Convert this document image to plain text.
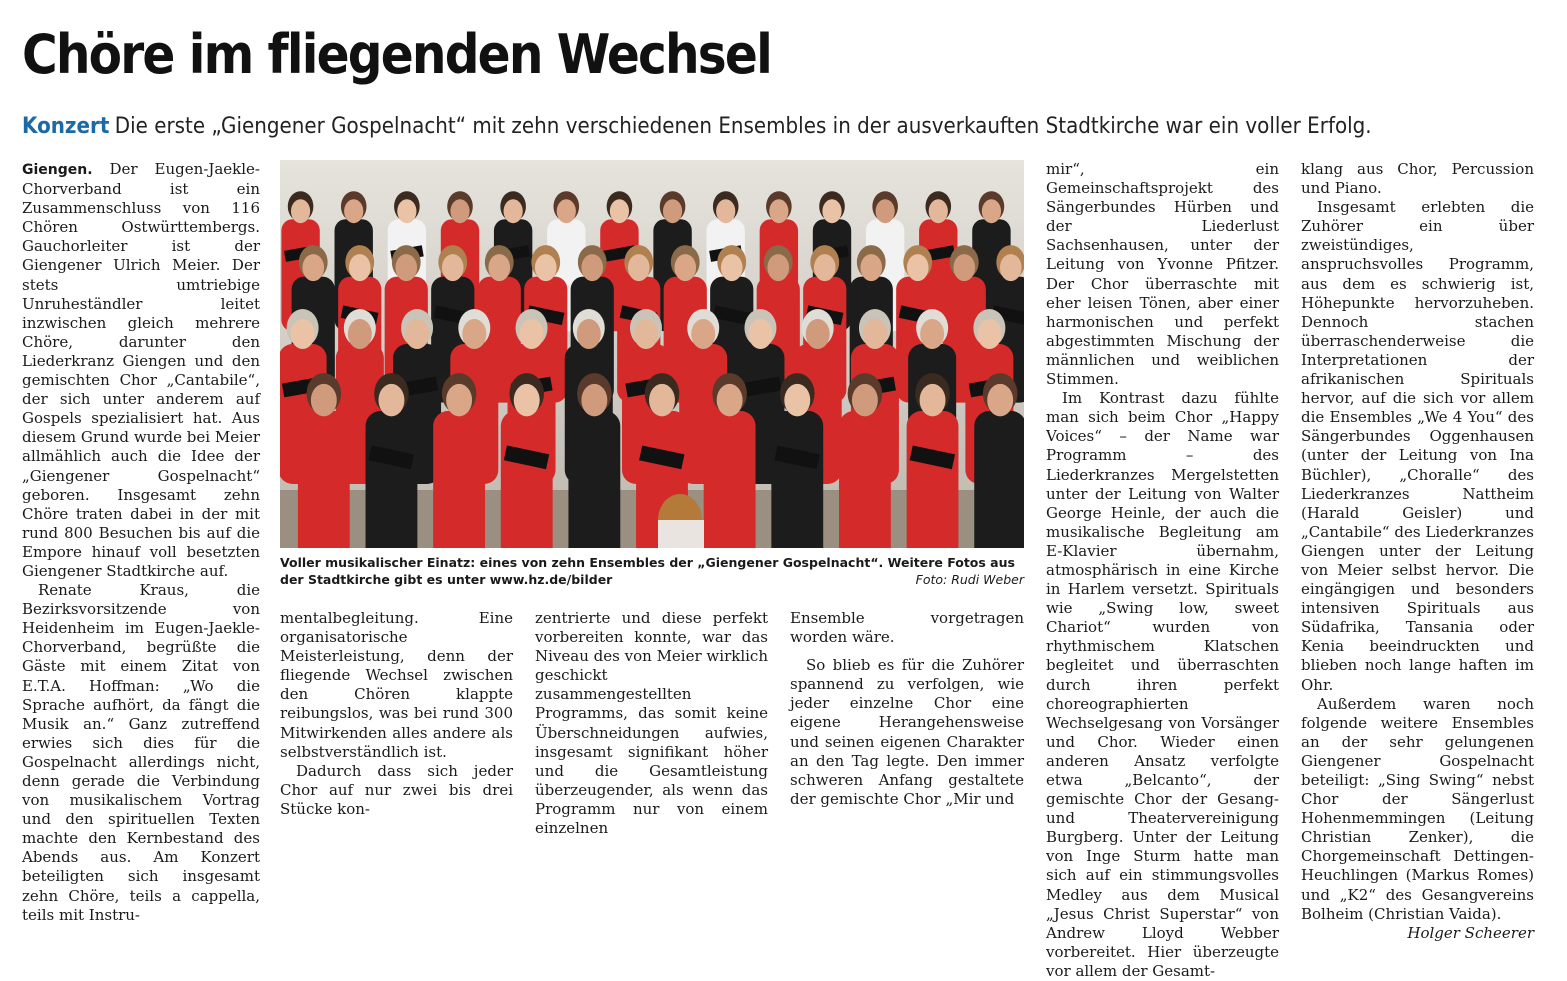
Chöre im fliegenden Wechsel
Konzert Die erste „Giengener Gospelnacht“ mit zehn verschiedenen Ensembles in der ausverkauften Stadtkirche war ein voller Erfolg.

Giengen. Der Eugen-Jaekle-Chorverband ist ein Zusammenschluss von 116 Chören Ostwürttembergs. Gauchorleiter ist der Giengener Ulrich Meier. Der stets umtriebige Unruheständler leitet inzwischen gleich mehrere Chöre, darunter den Liederkranz Giengen und den gemischten Chor „Cantabile“, der sich unter anderem auf Gospels spezialisiert hat. Aus diesem Grund wurde bei Meier allmählich auch die Idee der „Giengener Gospelnacht“ geboren. Insgesamt zehn Chöre traten dabei in der mit rund 800 Besuchen bis auf die Empore hinauf voll besetzten Giengener Stadtkirche auf.

Renate Kraus, die Bezirksvorsitzende von Heidenheim im Eugen-Jaekle-Chorverband, begrüßte die Gäste mit einem Zitat von E.T.A. Hoffman: „Wo die Sprache aufhört, da fängt die Musik an.“ Ganz zutreffend erwies sich dies für die Gospelnacht allerdings nicht, denn gerade die Verbindung von musikalischem Vortrag und den spirituellen Texten machte den Kernbestand des Abends aus. Am Konzert beteiligten sich insgesamt zehn Chöre, teils a cappella, teils mit Instru-

Voller musikalischer Einatz: eines von zehn Ensembles der „Giengener Gospelnacht“. Weitere Fotos aus der Stadtkirche gibt es unter www.hz.de/bilder	Foto: Rudi Weber

mentalbegleitung. Eine organisatorische Meisterleistung, denn der fliegende Wechsel zwischen den Chören klappte reibungslos, was bei rund 300 Mitwirkenden alles andere als selbstverständlich ist.

Dadurch dass sich jeder Chor auf nur zwei bis drei Stücke kon-

zentrierte und diese perfekt vorbereiten konnte, war das Niveau des von Meier wirklich geschickt zusammengestellten Programms, das somit keine Überschneidungen aufwies, insgesamt signifikant höher und die Gesamtleistung überzeugender, als wenn das Programm nur von einem einzelnen

Ensemble vorgetragen worden wäre.

So blieb es für die Zuhörer spannend zu verfolgen, wie jeder einzelne Chor eine eigene Herangehensweise und seinen eigenen Charakter an den Tag legte. Den immer schweren Anfang gestaltete der gemischte Chor „Mir und

mir“, ein Gemeinschaftsprojekt des Sängerbundes Hürben und der Liederlust Sachsenhausen, unter der Leitung von Yvonne Pfitzer. Der Chor überraschte mit eher leisen Tönen, aber einer harmonischen und perfekt abgestimmten Mischung der männlichen und weiblichen Stimmen.

Im Kontrast dazu fühlte man sich beim Chor „Happy Voices“ – der Name war Programm – des Liederkranzes Mergelstetten unter der Leitung von Walter George Heinle, der auch die musikalische Begleitung am E-Klavier übernahm, atmosphärisch in eine Kirche in Harlem versetzt. Spirituals wie „Swing low, sweet Chariot“ wurden von rhythmischem Klatschen begleitet und überraschten durch ihren perfekt choreographierten Wechselgesang von Vorsänger und Chor. Wieder einen anderen Ansatz verfolgte etwa „Belcanto“, der gemischte Chor der Gesang- und Theatervereinigung Burgberg. Unter der Leitung von Inge Sturm hatte man sich auf ein stimmungsvolles Medley aus dem Musical „Jesus Christ Superstar“ von Andrew Lloyd Webber vorbereitet. Hier überzeugte vor allem der Gesamt-

klang aus Chor, Percussion und Piano.

Insgesamt erlebten die Zuhörer ein über zweistündiges, anspruchsvolles Programm, aus dem es schwierig ist, Höhepunkte hervorzuheben. Dennoch stachen überraschenderweise die Interpretationen der afrikanischen Spirituals hervor, auf die sich vor allem die Ensembles „We 4 You“ des Sängerbundes Oggenhausen (unter der Leitung von Ina Büchler), „Choralle“ des Liederkranzes Nattheim (Harald Geisler) und „Cantabile“ des Liederkranzes Giengen unter der Leitung von Meier selbst hervor. Die eingängigen und besonders intensiven Spirituals aus Südafrika, Tansania oder Kenia beeindruckten und blieben noch lange haften im Ohr.

Außerdem waren noch folgende weitere Ensembles an der sehr gelungenen Giengener Gospelnacht beteiligt: „Sing Swing“ nebst Chor der Sängerlust Hohenmemmingen (Leitung Christian Zenker), die Chorgemeinschaft Dettingen-Heuchlingen (Markus Romes) und „K2“ des Gesangvereins Bolheim (Christian Vaida).
Holger Scheerer
